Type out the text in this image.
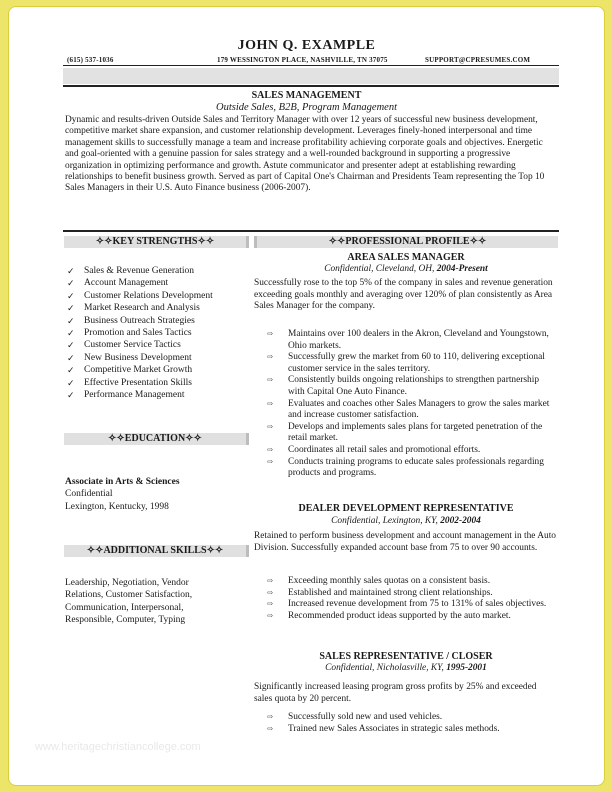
JOHN Q. EXAMPLE
(615) 537-1036	179 WESSINGTON PLACE, NASHVILLE, TN 37075	SUPPORT@CPRESUMES.COM
SALES MANAGEMENT
Outside Sales, B2B, Program Management
Dynamic and results-driven Outside Sales and Territory Manager with over 12 years of successful new business development, competitive market share expansion, and customer relationship development. Leverages finely-honed interpersonal and time management skills to successfully manage a team and increase profitability achieving corporate goals and objectives. Energetic and goal-oriented with a genuine passion for sales strategy and a well-rounded background in supporting a progressive organization in optimizing performance and growth. Astute communicator and presenter adept at establishing rewarding relationships to benefit business growth. Served as part of Capital One's Chairman and Presidents Team representing the Top 10 Sales Managers in their U.S. Auto Finance business (2006-2007).
✧✧KEY STRENGTHS✧✧
✓ Sales & Revenue Generation
✓ Account Management
✓ Customer Relations Development
✓ Market Research and Analysis
✓ Business Outreach Strategies
✓ Promotion and Sales Tactics
✓ Customer Service Tactics
✓ New Business Development
✓ Competitive Market Growth
✓ Effective Presentation Skills
✓ Performance Management
✧✧EDUCATION✧✧
Associate in Arts & Sciences
Confidential
Lexington, Kentucky, 1998
✧✧ADDITIONAL SKILLS✧✧
Leadership, Negotiation, Vendor
Relations, Customer Satisfaction,
Communication, Interpersonal,
Responsible, Computer, Typing
✧✧PROFESSIONAL PROFILE✧✧
AREA SALES MANAGER
Confidential, Cleveland, OH, 2004-Present
Successfully rose to the top 5% of the company in sales and revenue generation exceeding goals monthly and averaging over 120% of plan consistently as Area Sales Manager for the company.
⇨	Maintains over 100 dealers in the Akron, Cleveland and Youngstown, Ohio markets.
⇨	Successfully grew the market from 60 to 110, delivering exceptional customer service in the sales territory.
⇨	Consistently builds ongoing relationships to strengthen partnership with Capital One Auto Finance.
⇨	Evaluates and coaches other Sales Managers to grow the sales market and increase customer satisfaction.
⇨	Develops and implements sales plans for targeted penetration of the retail market.
⇨	Coordinates all retail sales and promotional efforts.
⇨	Conducts training programs to educate sales professionals regarding products and programs.
DEALER DEVELOPMENT REPRESENTATIVE
Confidential, Lexington, KY, 2002-2004
Retained to perform business development and account management in the Auto Division. Successfully expanded account base from 75 to over 90 accounts.
⇨	Exceeding monthly sales quotas on a consistent basis.
⇨	Established and maintained strong client relationships.
⇨	Increased revenue development from 75 to 131% of sales objectives.
⇨	Recommended product ideas supported by the auto market.
SALES REPRESENTATIVE / CLOSER
Confidential, Nicholasville, KY, 1995-2001
Significantly increased leasing program gross profits by 25% and exceeded sales quota by 20 percent.
⇨	Successfully sold new and used vehicles.
⇨	Trained new Sales Associates in strategic sales methods.
www.heritagechristiancollege.com
